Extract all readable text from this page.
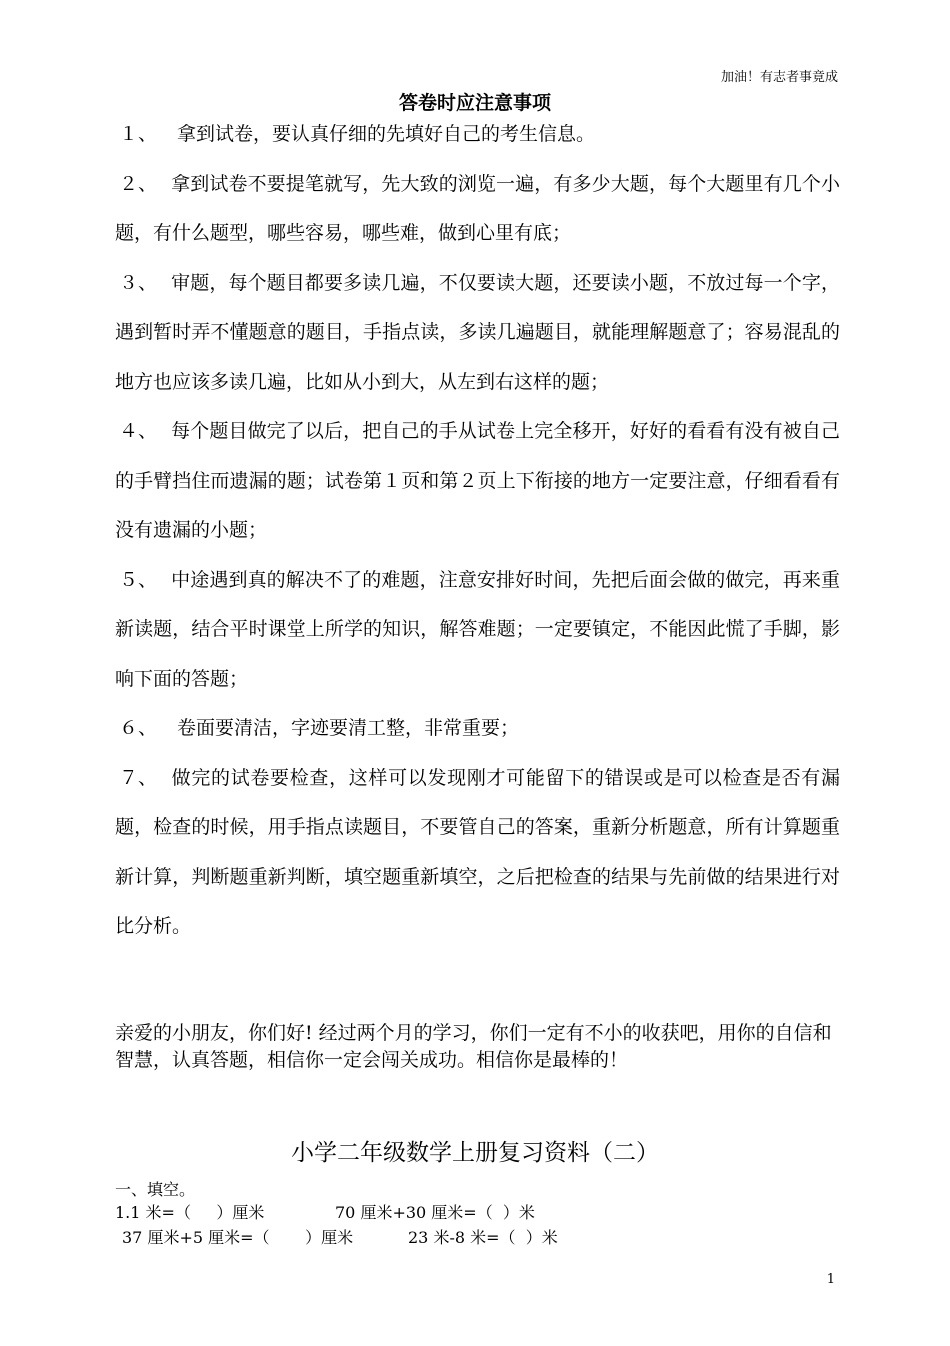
加油！有志者事竟成
答卷时应注意事项

１、 拿到试卷，要认真仔细的先填好自己的考生信息。

２、 拿到试卷不要提笔就写，先大致的浏览一遍，有多少大题，每个大题里有几个小题，有什么题型，哪些容易，哪些难，做到心里有底；

３、 审题，每个题目都要多读几遍，不仅要读大题，还要读小题，不放过每一个字，遇到暂时弄不懂题意的题目，手指点读，多读几遍题目，就能理解题意了；容易混乱的地方也应该多读几遍，比如从小到大，从左到右这样的题；

４、 每个题目做完了以后，把自己的手从试卷上完全移开，好好的看看有没有被自己的手臂挡住而遗漏的题；试卷第１页和第２页上下衔接的地方一定要注意，仔细看看有没有遗漏的小题；

５、 中途遇到真的解决不了的难题，注意安排好时间，先把后面会做的做完，再来重新读题，结合平时课堂上所学的知识，解答难题；一定要镇定，不能因此慌了手脚，影响下面的答题；

６、 卷面要清洁，字迹要清工整，非常重要；

７、 做完的试卷要检查，这样可以发现刚才可能留下的错误或是可以检查是否有漏题，检查的时候，用手指点读题目，不要管自己的答案，重新分析题意，所有计算题重新计算，判断题重新判断，填空题重新填空，之后把检查的结果与先前做的结果进行对比分析。

亲爱的小朋友，你们好! 经过两个月的学习，你们一定有不小的收获吧，用你的自信和智慧，认真答题，相信你一定会闯关成功。相信你是最棒的！

小学二年级数学上册复习资料（二）
一、填空。
1.1 米=（     ）厘米	70 厘米+30 厘米=（  ）米
37 厘米+5 厘米=（       ）厘米	23 米-8 米=（  ）米
1
